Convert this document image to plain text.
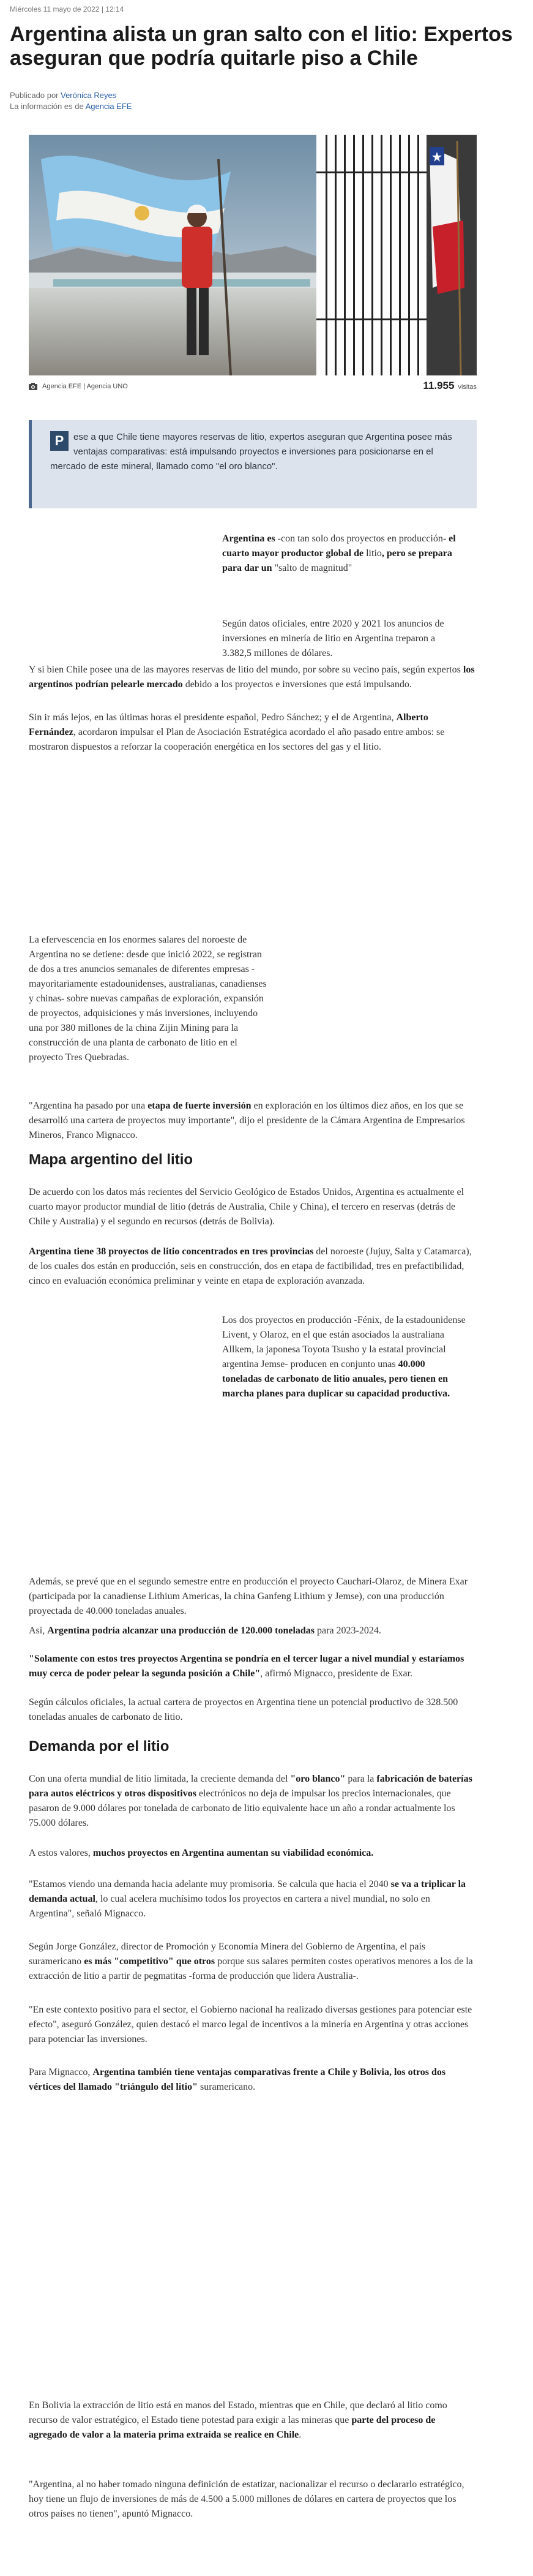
Miércoles 11 mayo de 2022 | 12:14
Argentina alista un gran salto con el litio: Expertos aseguran que podría quitarle piso a Chile
Publicado por Verónica Reyes
La información es de Agencia EFE
Agencia EFE | Agencia UNO	11.955 visitas
P	ese a que Chile tiene mayores reservas de litio, expertos aseguran que Argentina posee más ventajas comparativas: está impulsando proyectos e inversiones para posicionarse en el mercado de este mineral, llamado como "el oro blanco".
Argentina es -con tan solo dos proyectos en producción- el cuarto mayor productor global de litio, pero se prepara para dar un "salto de magnitud"
Según datos oficiales, entre 2020 y 2021 los anuncios de inversiones en minería de litio en Argentina treparon a 3.382,5 millones de dólares.
Y si bien Chile posee una de las mayores reservas de litio del mundo, por sobre su vecino país, según expertos los argentinos podrían pelearle mercado debido a los proyectos e inversiones que está impulsando.
Sin ir más lejos, en las últimas horas el presidente español, Pedro Sánchez; y el de Argentina, Alberto Fernández, acordaron impulsar el Plan de Asociación Estratégica acordado el año pasado entre ambos: se mostraron dispuestos a reforzar la cooperación energética en los sectores del gas y el litio.
La efervescencia en los enormes salares del noroeste de Argentina no se detiene: desde que inició 2022, se registran de dos a tres anuncios semanales de diferentes empresas -mayoritariamente estadounidenses, australianas, canadienses y chinas- sobre nuevas campañas de exploración, expansión de proyectos, adquisiciones y más inversiones, incluyendo una por 380 millones de la china Zijin Mining para la construcción de una planta de carbonato de litio en el proyecto Tres Quebradas.
"Argentina ha pasado por una etapa de fuerte inversión en exploración en los últimos diez años, en los que se desarrolló una cartera de proyectos muy importante", dijo el presidente de la Cámara Argentina de Empresarios Mineros, Franco Mignacco.
Mapa argentino del litio
De acuerdo con los datos más recientes del Servicio Geológico de Estados Unidos, Argentina es actualmente el cuarto mayor productor mundial de litio (detrás de Australia, Chile y China), el tercero en reservas (detrás de Chile y Australia) y el segundo en recursos (detrás de Bolivia).
Argentina tiene 38 proyectos de litio concentrados en tres provincias del noroeste (Jujuy, Salta y Catamarca), de los cuales dos están en producción, seis en construcción, dos en etapa de factibilidad, tres en prefactibilidad, cinco en evaluación económica preliminar y veinte en etapa de exploración avanzada.
Los dos proyectos en producción -Fénix, de la estadounidense Livent, y Olaroz, en el que están asociados la australiana Allkem, la japonesa Toyota Tsusho y la estatal provincial argentina Jemse- producen en conjunto unas 40.000 toneladas de carbonato de litio anuales, pero tienen en marcha planes para duplicar su capacidad productiva.
Además, se prevé que en el segundo semestre entre en producción el proyecto Cauchari-Olaroz, de Minera Exar (participada por la canadiense Lithium Americas, la china Ganfeng Lithium y Jemse), con una producción proyectada de 40.000 toneladas anuales.
Así, Argentina podría alcanzar una producción de 120.000 toneladas para 2023-2024.
"Solamente con estos tres proyectos Argentina se pondría en el tercer lugar a nivel mundial y estaríamos muy cerca de poder pelear la segunda posición a Chile", afirmó Mignacco, presidente de Exar.
Según cálculos oficiales, la actual cartera de proyectos en Argentina tiene un potencial productivo de 328.500 toneladas anuales de carbonato de litio.
Demanda por el litio
Con una oferta mundial de litio limitada, la creciente demanda del "oro blanco" para la fabricación de baterías para autos eléctricos y otros dispositivos electrónicos no deja de impulsar los precios internacionales, que pasaron de 9.000 dólares por tonelada de carbonato de litio equivalente hace un año a rondar actualmente los 75.000 dólares.
A estos valores, muchos proyectos en Argentina aumentan su viabilidad económica.
"Estamos viendo una demanda hacia adelante muy promisoria. Se calcula que hacia el 2040 se va a triplicar la demanda actual, lo cual acelera muchísimo todos los proyectos en cartera a nivel mundial, no solo en Argentina", señaló Mignacco.
Según Jorge González, director de Promoción y Economía Minera del Gobierno de Argentina, el país suramericano es más "competitivo" que otros porque sus salares permiten costes operativos menores a los de la extracción de litio a partir de pegmatitas -forma de producción que lidera Australia-.
"En este contexto positivo para el sector, el Gobierno nacional ha realizado diversas gestiones para potenciar este efecto", aseguró González, quien destacó el marco legal de incentivos a la minería en Argentina y otras acciones para potenciar las inversiones.
Para Mignacco, Argentina también tiene ventajas comparativas frente a Chile y Bolivia, los otros dos vértices del llamado "triángulo del litio" suramericano.
En Bolivia la extracción de litio está en manos del Estado, mientras que en Chile, que declaró al litio como recurso de valor estratégico, el Estado tiene potestad para exigir a las mineras que parte del proceso de agregado de valor a la materia prima extraída se realice en Chile.
"Argentina, al no haber tomado ninguna definición de estatizar, nacionalizar el recurso o declararlo estratégico, hoy tiene un flujo de inversiones de más de 4.500 a 5.000 millones de dólares en cartera de proyectos que los otros países no tienen", apuntó Mignacco.
